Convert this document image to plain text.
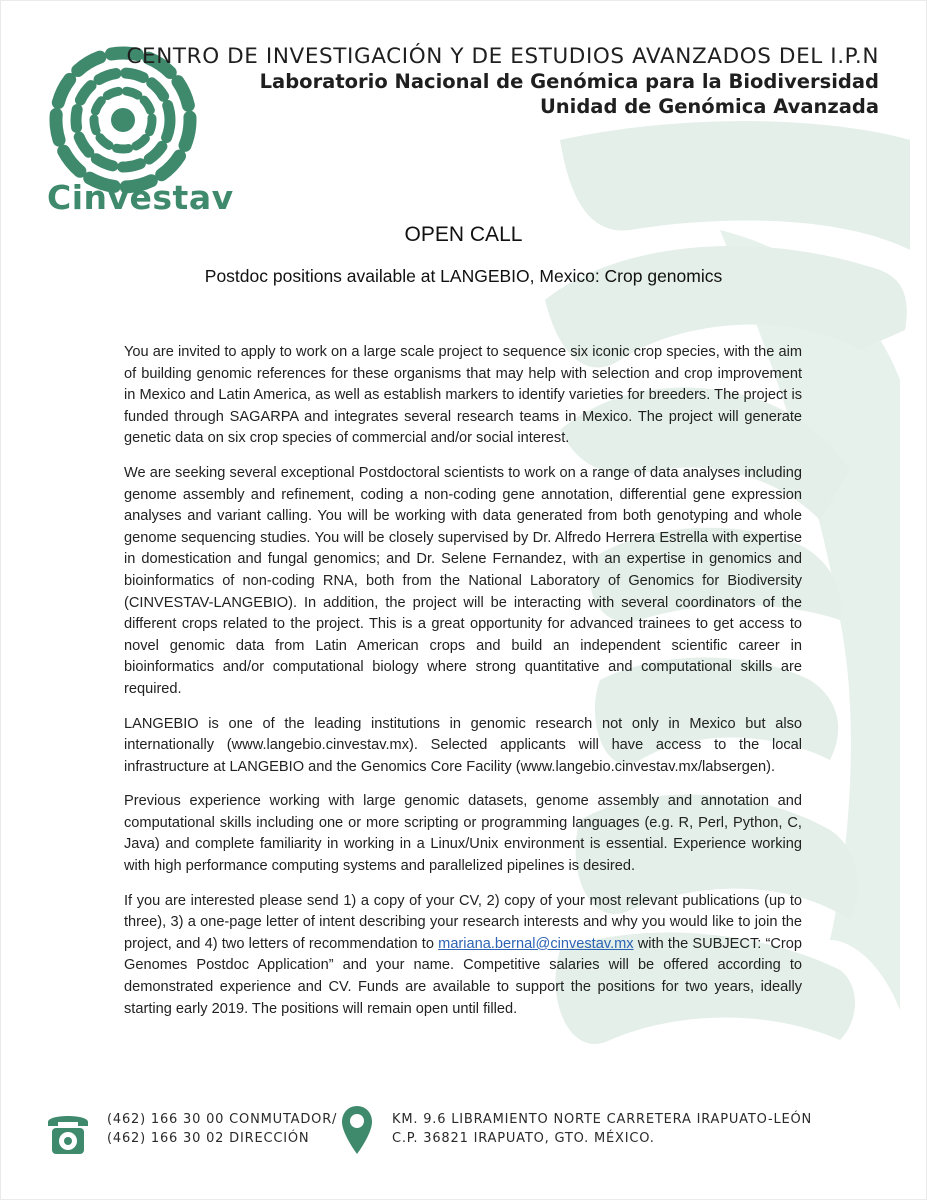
Cinvestav
CENTRO DE INVESTIGACIÓN Y DE ESTUDIOS AVANZADOS DEL I.P.N
Laboratorio Nacional de Genómica para la Biodiversidad
Unidad de Genómica Avanzada
OPEN CALL
Postdoc positions available at LANGEBIO, Mexico: Crop genomics

You are invited to apply to work on a large scale project to sequence six iconic crop species, with the aim of building genomic references for these organisms that may help with selection and crop improvement in Mexico and Latin America, as well as establish markers to identify varieties for breeders. The project is funded through SAGARPA and integrates several research teams in Mexico. The project will generate genetic data on six crop species of commercial and/or social interest.

We are seeking several exceptional Postdoctoral scientists to work on a range of data analyses including genome assembly and refinement, coding a non-coding gene annotation, differential gene expression analyses and variant calling. You will be working with data generated from both genotyping and whole genome sequencing studies. You will be closely supervised by Dr. Alfredo Herrera Estrella with expertise in domestication and fungal genomics; and Dr. Selene Fernandez, with an expertise in genomics and bioinformatics of non-coding RNA, both from the National Laboratory of Genomics for Biodiversity (CINVESTAV-LANGEBIO). In addition, the project will be interacting with several coordinators of the different crops related to the project. This is a great opportunity for advanced trainees to get access to novel genomic data from Latin American crops and build an independent scientific career in bioinformatics and/or computational biology where strong quantitative and computational skills are required.

LANGEBIO is one of the leading institutions in genomic research not only in Mexico but also internationally (www.langebio.cinvestav.mx). Selected applicants will have access to the local infrastructure at LANGEBIO and the Genomics Core Facility (www.langebio.cinvestav.mx/labsergen).

Previous experience working with large genomic datasets, genome assembly and annotation and computational skills including one or more scripting or programming languages (e.g. R, Perl, Python, C, Java) and complete familiarity in working in a Linux/Unix environment is essential. Experience working with high performance computing systems and parallelized pipelines is desired.

If you are interested please send 1) a copy of your CV, 2) copy of your most relevant publications (up to three), 3) a one-page letter of intent describing your research interests and why you would like to join the project, and 4) two letters of recommendation to mariana.bernal@cinvestav.mx with the SUBJECT: “Crop Genomes Postdoc Application” and your name. Competitive salaries will be offered according to demonstrated experience and CV. Funds are available to support the positions for two years, ideally starting early 2019. The positions will remain open until filled.

(462) 166 30 00 CONMUTADOR/
(462) 166 30 02 DIRECCIÓN
KM. 9.6 LIBRAMIENTO NORTE CARRETERA IRAPUATO-LEÓN
C.P. 36821 IRAPUATO, GTO. MÉXICO.
